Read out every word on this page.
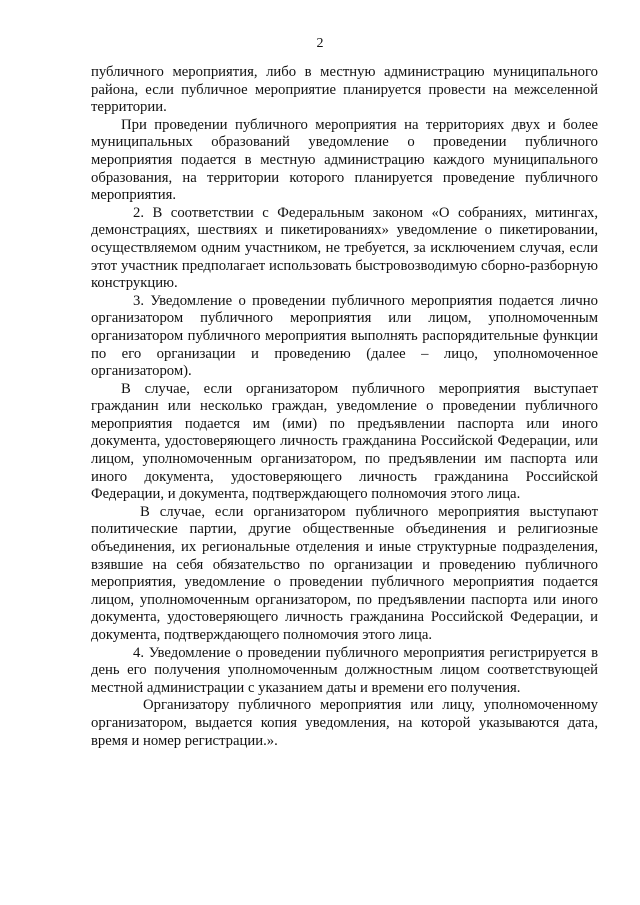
2

публичного мероприятия, либо в местную администрацию муниципального района, если публичное мероприятие планируется провести на межселенной территории.

При проведении публичного мероприятия на территориях двух и более муниципальных образований уведомление о проведении публичного мероприятия подается в местную администрацию каждого муниципального образования, на территории которого планируется проведение публичного мероприятия.

2. В соответствии с Федеральным законом «О собраниях, митингах, демонстрациях, шествиях и пикетированиях» уведомление о пикетировании, осуществляемом одним участником, не требуется, за исключением случая, если этот участник предполагает использовать быстровозводимую сборно-разборную конструкцию.

3. Уведомление о проведении публичного мероприятия подается лично организатором публичного мероприятия или лицом, уполномоченным организатором публичного мероприятия выполнять распорядительные функции по его организации и проведению (далее – лицо, уполномоченное организатором).

В случае, если организатором публичного мероприятия выступает гражданин или несколько граждан, уведомление о проведении публичного мероприятия подается им (ими) по предъявлении паспорта или иного документа, удостоверяющего личность гражданина Российской Федерации, или лицом, уполномоченным организатором, по предъявлении им паспорта или иного документа, удостоверяющего личность гражданина Российской Федерации, и документа, подтверждающего полномочия этого лица.

В случае, если организатором публичного мероприятия выступают политические партии, другие общественные объединения и религиозные объединения, их региональные отделения и иные структурные подразделения, взявшие на себя обязательство по организации и проведению публичного мероприятия, уведомление о проведении публичного мероприятия подается лицом, уполномоченным организатором, по предъявлении паспорта или иного документа, удостоверяющего личность гражданина Российской Федерации, и документа, подтверждающего полномочия этого лица.

4. Уведомление о проведении публичного мероприятия регистрируется в день его получения уполномоченным должностным лицом соответствующей местной администрации с указанием даты и времени его получения.

Организатору публичного мероприятия или лицу, уполномоченному организатором, выдается копия уведомления, на которой указываются дата, время и номер регистрации.».
